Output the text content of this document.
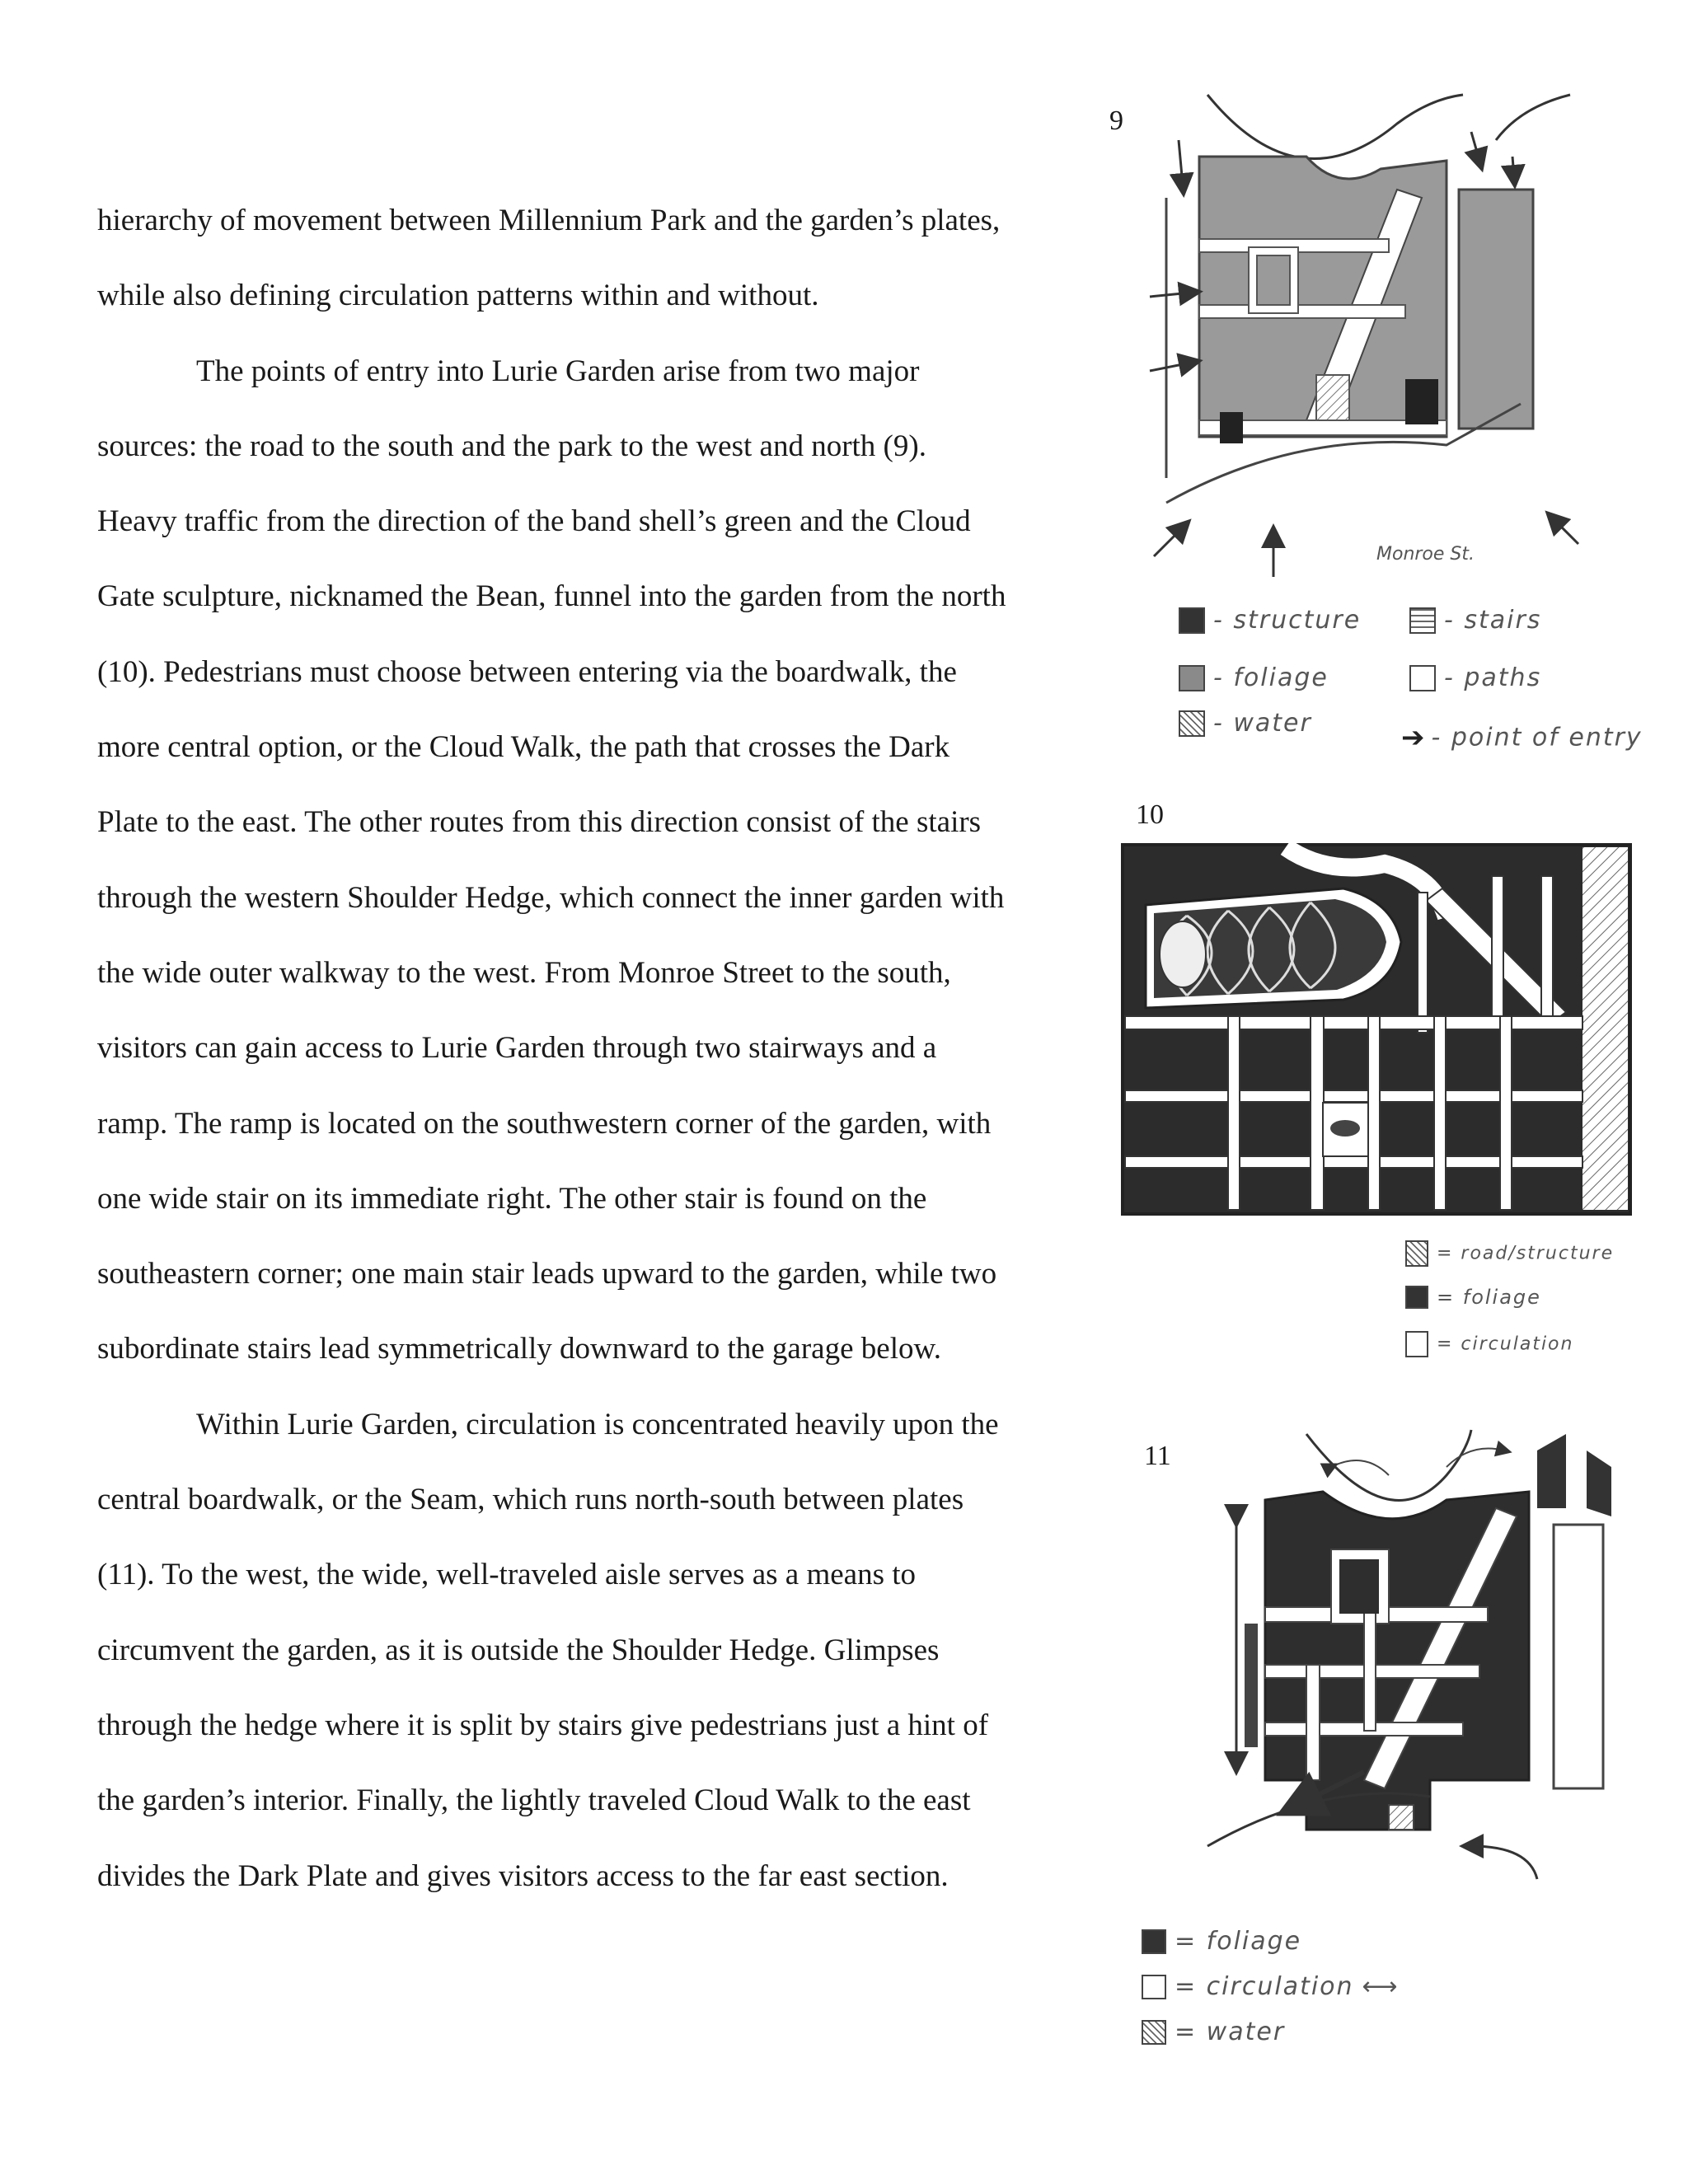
hierarchy of movement between Millennium Park and the garden’s plates,
while also defining circulation patterns within and without.
The points of entry into Lurie Garden arise from two major
sources: the road to the south and the park to the west and north (9).
Heavy traffic from the direction of the band shell’s green and the Cloud
Gate sculpture, nicknamed the Bean, funnel into the garden from the north
(10). Pedestrians must choose between entering via the boardwalk, the
more central option, or the Cloud Walk, the path that crosses the Dark
Plate to the east. The other routes from this direction consist of the stairs
through the western Shoulder Hedge, which connect the inner garden with
the wide outer walkway to the west. From Monroe Street to the south,
visitors can gain access to Lurie Garden through two stairways and a
ramp. The ramp is located on the southwestern corner of the garden, with
one wide stair on its immediate right. The other stair is found on the
southeastern corner; one main stair leads upward to the garden, while two
subordinate stairs lead symmetrically downward to the garage below.
Within Lurie Garden, circulation is concentrated heavily upon the
central boardwalk, or the Seam, which runs north-south between plates
(11). To the west, the wide, well-traveled aisle serves as a means to
circumvent the garden, as it is outside the Shoulder Hedge. Glimpses
through the hedge where it is split by stairs give pedestrians just a hint of
the garden’s interior. Finally, the lightly traveled Cloud Walk to the east
divides the Dark Plate and gives visitors access to the far east section.
9
Monroe St.
- structure
- foliage
- water
- stairs
- paths
➔ - point of entry
10
= road/structure
= foliage
= circulation
11
= foliage
= circulation ⟷
= water
